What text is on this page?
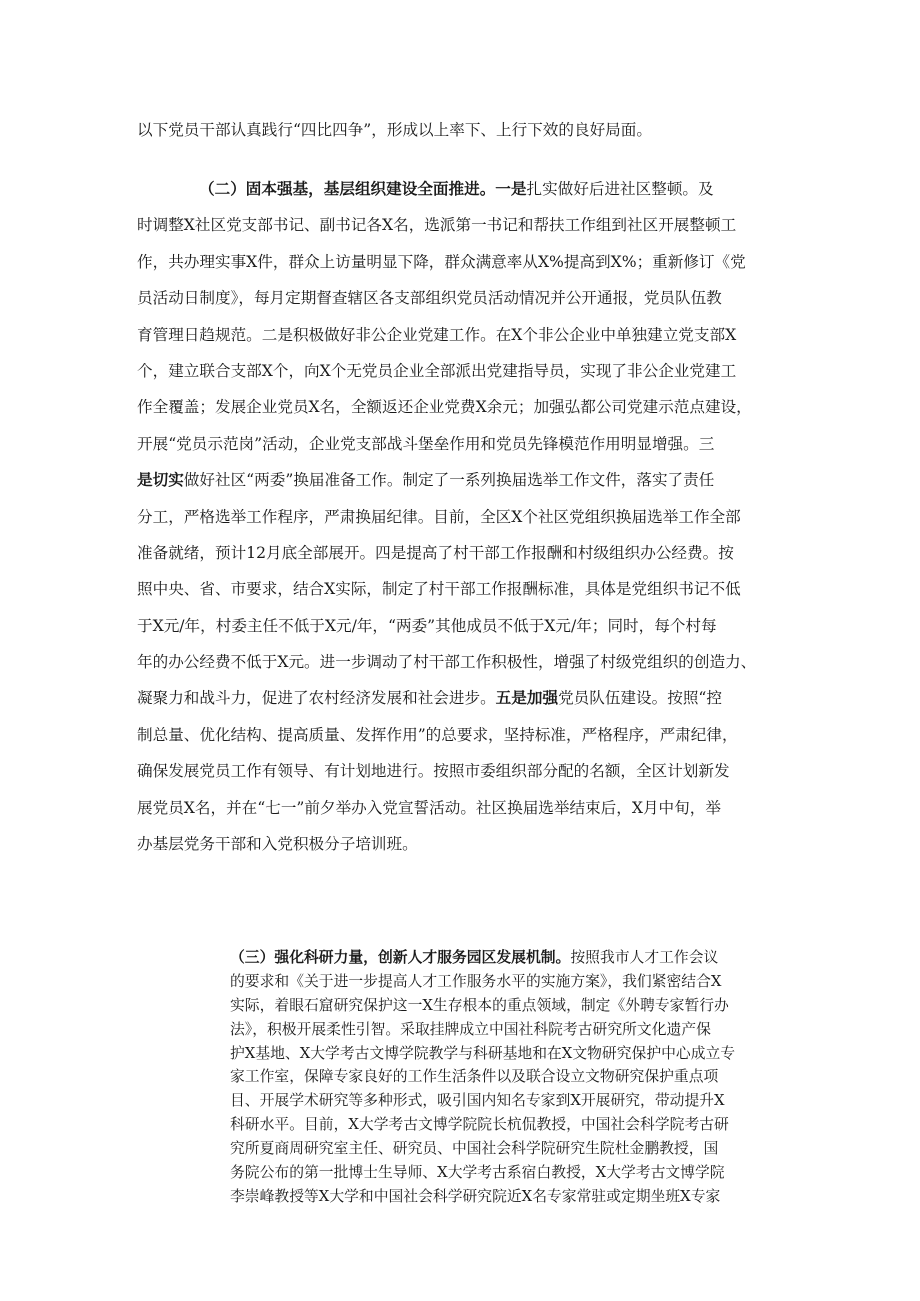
以下党员干部认真践行“四比四争”，形成以上率下、上行下效的良好局面。
（二）固本强基，基层组织建设全面推进。一是扎实做好后进社区整顿。及
时调整X社区党支部书记、副书记各X名，选派第一书记和帮扶工作组到社区开展整顿工
作，共办理实事X件，群众上访量明显下降，群众满意率从X%提高到X%；重新修订《党
员活动日制度》，每月定期督查辖区各支部组织党员活动情况并公开通报，党员队伍教
育管理日趋规范。二是积极做好非公企业党建工作。在X个非公企业中单独建立党支部X
个，建立联合支部X个，向X个无党员企业全部派出党建指导员，实现了非公企业党建工
作全覆盖；发展企业党员X名，全额返还企业党费X余元；加强弘都公司党建示范点建设，
开展“党员示范岗”活动，企业党支部战斗堡垒作用和党员先锋模范作用明显增强。三
是切实做好社区“两委”换届准备工作。制定了一系列换届选举工作文件，落实了责任
分工，严格选举工作程序，严肃换届纪律。目前，全区X个社区党组织换届选举工作全部
准备就绪，预计12月底全部展开。四是提高了村干部工作报酬和村级组织办公经费。按
照中央、省、市要求，结合X实际，制定了村干部工作报酬标准，具体是党组织书记不低
于X元/年，村委主任不低于X元/年，“两委”其他成员不低于X元/年；同时，每个村每
年的办公经费不低于X元。进一步调动了村干部工作积极性，增强了村级党组织的创造力、
凝聚力和战斗力，促进了农村经济发展和社会进步。五是加强党员队伍建设。按照“控
制总量、优化结构、提高质量、发挥作用”的总要求，坚持标准，严格程序，严肃纪律，
确保发展党员工作有领导、有计划地进行。按照市委组织部分配的名额，全区计划新发
展党员X名，并在“七一”前夕举办入党宣誓活动。社区换届选举结束后，X月中旬，举
办基层党务干部和入党积极分子培训班。
（三）强化科研力量，创新人才服务园区发展机制。按照我市人才工作会议
的要求和《关于进一步提高人才工作服务水平的实施方案》，我们紧密结合X
实际，着眼石窟研究保护这一X生存根本的重点领域，制定《外聘专家暂行办
法》，积极开展柔性引智。采取挂牌成立中国社科院考古研究所文化遗产保
护X基地、X大学考古文博学院教学与科研基地和在X文物研究保护中心成立专
家工作室，保障专家良好的工作生活条件以及联合设立文物研究保护重点项
目、开展学术研究等多种形式，吸引国内知名专家到X开展研究，带动提升X
科研水平。目前，X大学考古文博学院院长杭侃教授，中国社会科学院考古研
究所夏商周研究室主任、研究员、中国社会科学院研究生院杜金鹏教授，国
务院公布的第一批博士生导师、X大学考古系宿白教授，X大学考古文博学院
李崇峰教授等X大学和中国社会科学研究院近X名专家常驻或定期坐班X专家
